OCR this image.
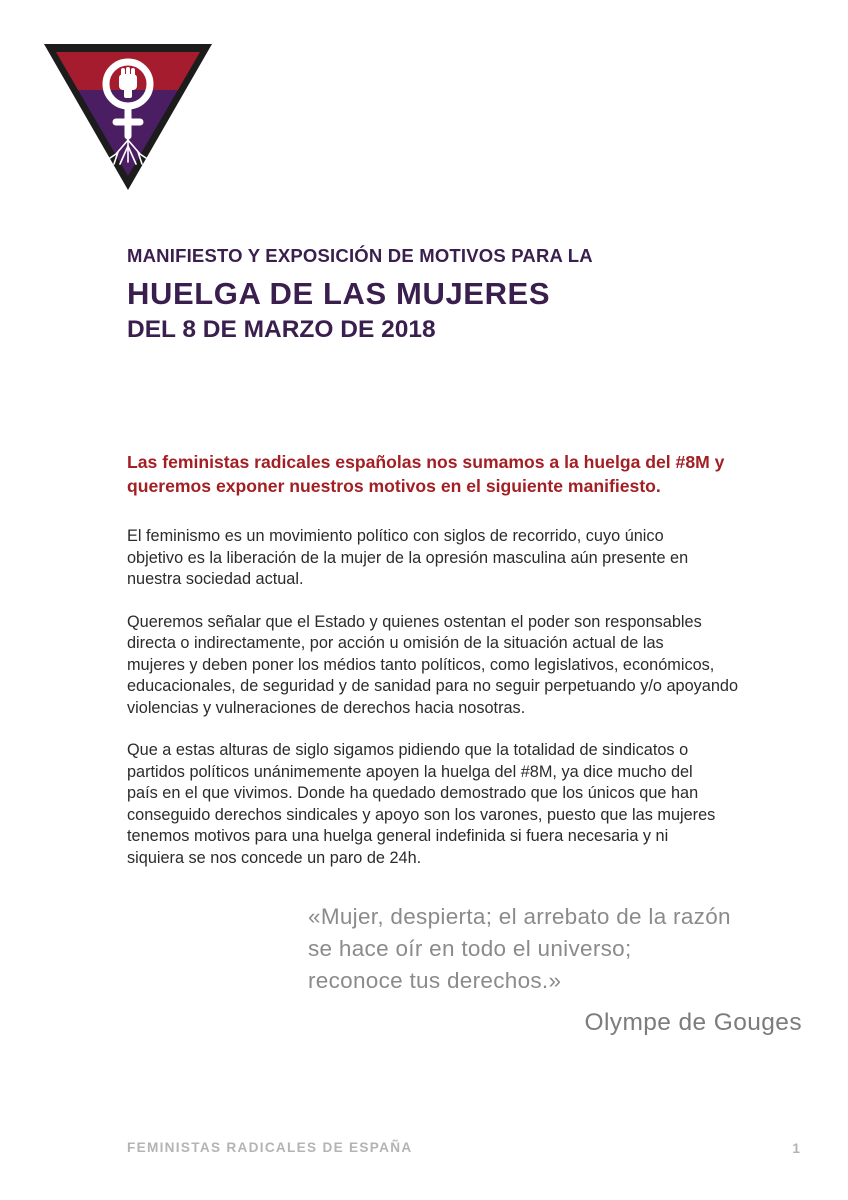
MANIFIESTO Y EXPOSICIÓN DE MOTIVOS PARA LA
HUELGA DE LAS MUJERES
DEL 8 DE MARZO DE 2018
Las feministas radicales españolas nos sumamos a la huelga del #8M y
queremos exponer nuestros motivos en el siguiente manifiesto.

El feminismo es un movimiento político con siglos de recorrido, cuyo único
objetivo es la liberación de la mujer de la opresión masculina aún presente en
nuestra sociedad actual.

Queremos señalar que el Estado y quienes ostentan el poder son responsables
directa o indirectamente, por acción u omisión de la situación actual de las
mujeres y deben poner los médios tanto políticos, como legislativos, económicos,
educacionales, de seguridad y de sanidad para no seguir perpetuando y/o apoyando
violencias y vulneraciones de derechos hacia nosotras.

Que a estas alturas de siglo sigamos pidiendo que la totalidad de sindicatos o
partidos políticos unánimemente apoyen la huelga del #8M, ya dice mucho del
país en el que vivimos. Donde ha quedado demostrado que los únicos que han
conseguido derechos sindicales y apoyo son los varones, puesto que las mujeres
tenemos motivos para una huelga general indefinida si fuera necesaria y ni
siquiera se nos concede un paro de 24h.

«Mujer, despierta; el arrebato de la razón
se hace oír en todo el universo;
reconoce tus derechos.»
Olympe de Gouges
FEMINISTAS RADICALES DE ESPAÑA	1
